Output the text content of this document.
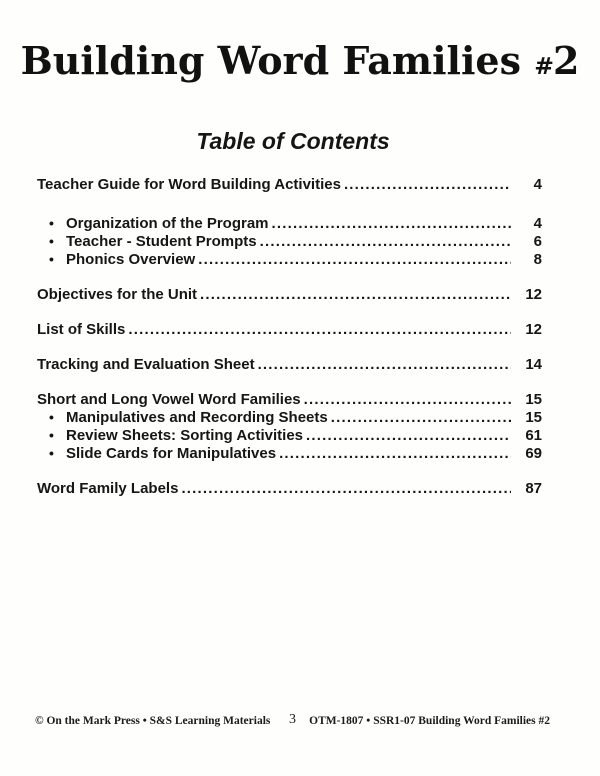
Building Word Families #2
Table of Contents
Teacher Guide for Word Building Activities .....	4
• Organization of the Program .....	4
• Teacher - Student Prompts .....	6
• Phonics Overview .....	8
Objectives for the Unit .....	12
List of Skills .....	12
Tracking and Evaluation Sheet .....	14
Short and Long Vowel Word Families .....	15
• Manipulatives and Recording Sheets .....	15
• Review Sheets: Sorting Activities .....	61
• Slide Cards for Manipulatives .....	69
Word Family Labels .....	87
© On the Mark Press • S&S Learning Materials	3	OTM-1807 • SSR1-07 Building Word Families #2
